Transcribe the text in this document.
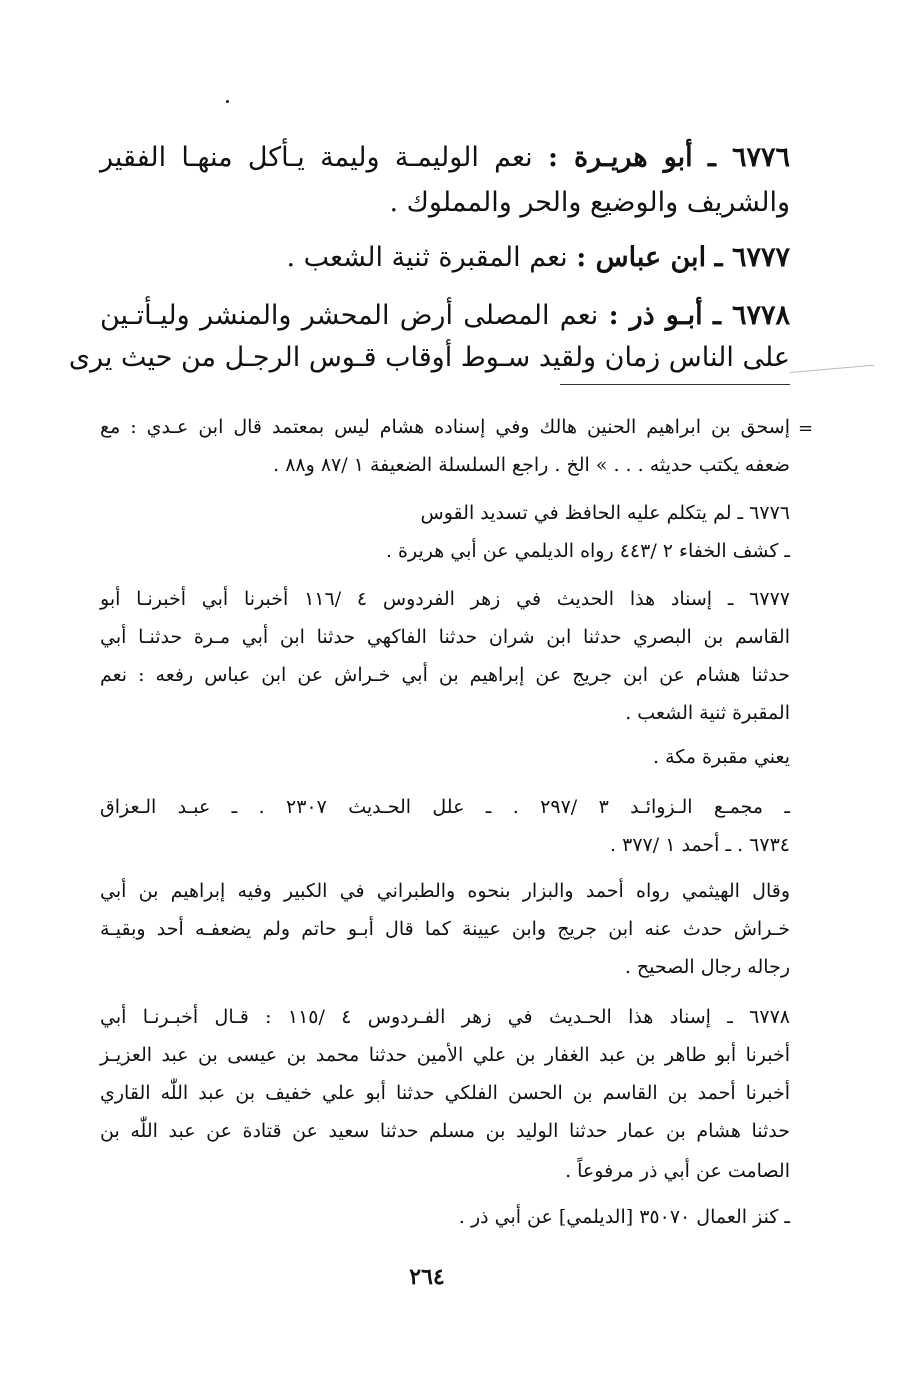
٦٧٧٦ ـ أبو هريـرة : نعم الوليمـة وليمة يـأكل منهـا الفقير
والشريف والوضيع والحر والمملوك .
٦٧٧٧ ـ ابن عباس : نعم المقبرة ثنية الشعب .
٦٧٧٨ ـ أبـو ذر : نعم المصلى أرض المحشر والمنشر وليـأتـين
على الناس زمان ولقيد سـوط أوقاب قـوس الرجـل من حيث يرى
=
إسحق بن ابراهيم الحنين هالك وفي إسناده هشام ليس بمعتمد قال ابن عـدي : مع
ضعفه يكتب حديثه . . . » الخ . راجع السلسلة الضعيفة ١ /٨٧ و٨٨ .
٦٧٧٦ ـ لم يتكلم عليه الحافظ في تسديد القوس
ـ كشف الخفاء ٢ /٤٤٣ رواه الديلمي عن أبي هريرة .
٦٧٧٧ ـ إسناد هذا الحديث في زهر الفردوس ٤ /١١٦ أخبرنا أبي أخبرنـا أبو
القاسم بن البصري حدثنا ابن شران حدثنا الفاكهي حدثنا ابن أبي مـرة حدثنـا أبي
حدثنا هشام عن ابن جريج عن إبراهيم بن أبي خـراش عن ابن عباس رفعه : نعم
المقبرة ثنية الشعب .
يعني مقبرة مكة .
ـ مجمـع الـزوائـد ٣ /٢٩٧ . ـ علل الحـديث ٢٣٠٧ . ـ عبـد الـعزاق
٦٧٣٤ . ـ أحمد ١ /٣٧٧ .
وقال الهيثمي رواه أحمد والبزار بنحوه والطبراني في الكبير وفيه إبراهيم بن أبي
خـراش حدث عنه ابن جريج وابن عيينة كما قال أبـو حاتم ولم يضعفـه أحد وبقيـة
رجاله رجال الصحيح .
٦٧٧٨ ـ إسناد هذا الحـديث في زهر الفـردوس ٤ /١١٥ : قـال أخبـرنـا أبي
أخبرنا أبو طاهر بن عبد الغفار بن علي الأمين حدثنا محمد بن عيسى بن عبد العزيـز
أخبرنا أحمد بن القاسم بن الحسن الفلكي حدثنا أبو علي خفيف بن عبد اللّٰه القاري
حدثنا هشام بن عمار حدثنا الوليد بن مسلم حدثنا سعيد عن قتادة عن عبد اللّٰه بن
الصامت عن أبي ذر مرفوعاً .
ـ كنز العمال ٣٥٠٧٠ [الديلمي] عن أبي ذر .
٢٦٤
